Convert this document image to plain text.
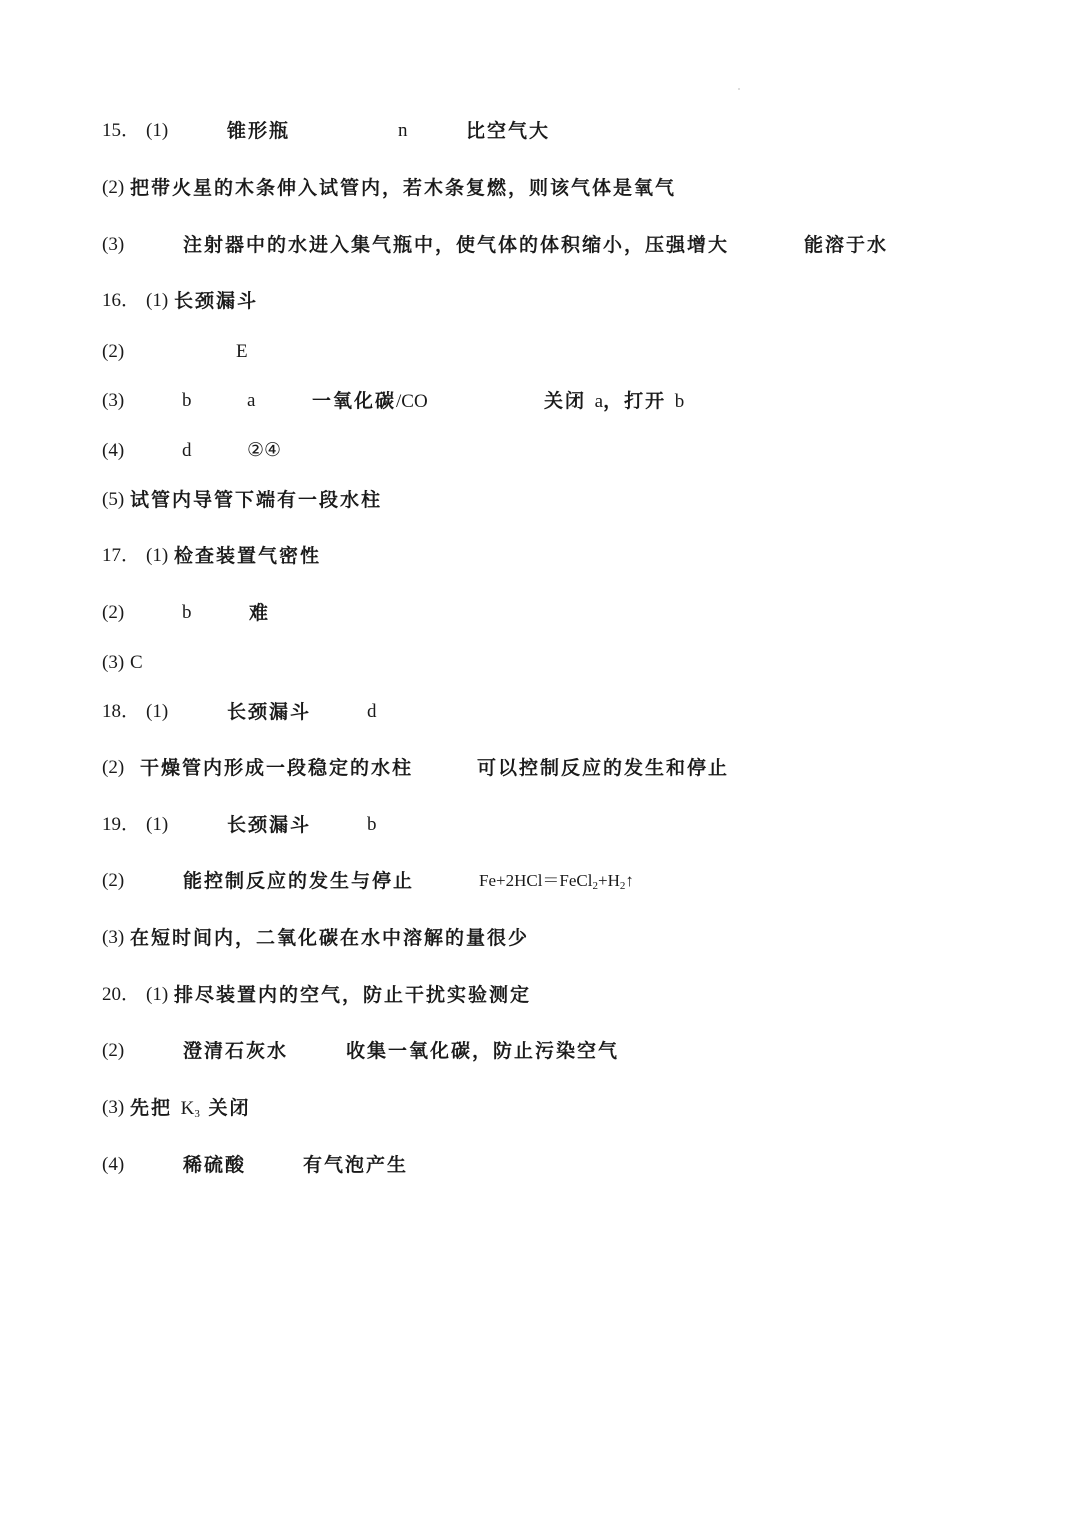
15． (1)	锥形瓶	n	比空气大
(2) 把带火星的木条伸入试管内，若木条复燃，则该气体是氧气
(3)	注射器中的水进入集气瓶中，使气体的体积缩小，压强增大	能溶于水
16． (1) 长颈漏斗
(2)	E
(3)	b	a	一氧化碳/CO	关闭 a，打开 b
(4)	d	②④
(5) 试管内导管下端有一段水柱
17． (1) 检查装置气密性
(2)	b	难
(3) C
18． (1)	长颈漏斗	d
(2) 干燥管内形成一段稳定的水柱	可以控制反应的发生和停止
19． (1)	长颈漏斗	b
(2)	能控制反应的发生与停止	$Fe+2HCl=FeCl_2+H_2↑$
(3) 在短时间内，二氧化碳在水中溶解的量很少
20． (1) 排尽装置内的空气，防止干扰实验测定
(2)	澄清石灰水	收集一氧化碳，防止污染空气
(3) 先把 $K_3$ 关闭
(4)	稀硫酸	有气泡产生
